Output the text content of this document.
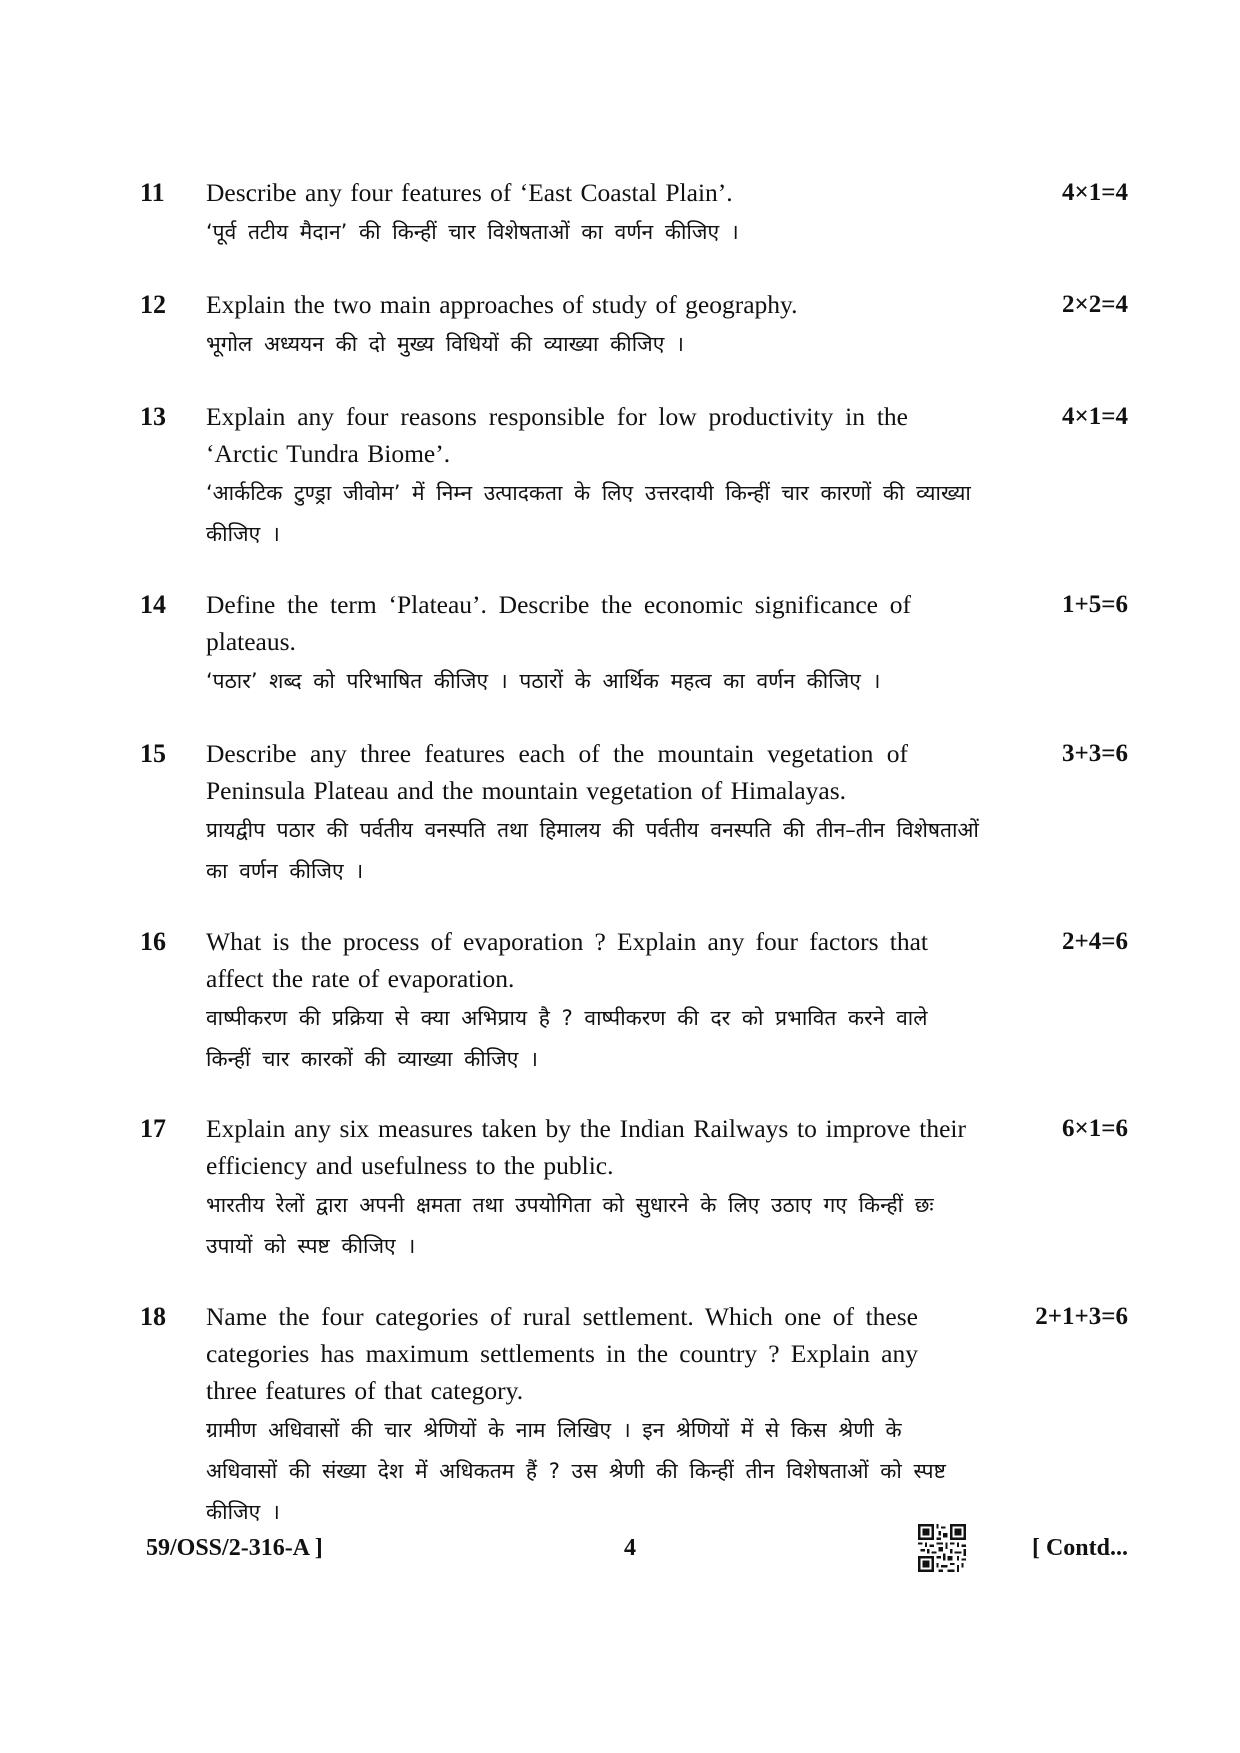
11	Describe any four features of ‘East Coastal Plain’.
‘पूर्व तटीय मैदान’ की किन्हीं चार विशेषताओं का वर्णन कीजिए ।
4×1=4
12	Explain the two main approaches of study of geography.
भूगोल अध्ययन की दो मुख्य विधियों की व्याख्या कीजिए ।
2×2=4
13	Explain any four reasons responsible for low productivity in the ‘Arctic Tundra Biome’.
‘आर्कटिक टुण्ड्रा जीवोम’ में निम्न उत्पादकता के लिए उत्तरदायी किन्हीं चार कारणों की व्याख्या कीजिए ।
4×1=4
14	Define the term ‘Plateau’. Describe the economic significance of plateaus.
‘पठार’ शब्द को परिभाषित कीजिए । पठारों के आर्थिक महत्व का वर्णन कीजिए ।
1+5=6
15	Describe any three features each of the mountain vegetation of Peninsula Plateau and the mountain vegetation of Himalayas.
प्रायद्वीप पठार की पर्वतीय वनस्पति तथा हिमालय की पर्वतीय वनस्पति की तीन–तीन विशेषताओं का वर्णन कीजिए ।
3+3=6
16	What is the process of evaporation ? Explain any four factors that affect the rate of evaporation.
वाष्पीकरण की प्रक्रिया से क्या अभिप्राय है ? वाष्पीकरण की दर को प्रभावित करने वाले किन्हीं चार कारकों की व्याख्या कीजिए ।
2+4=6
17	Explain any six measures taken by the Indian Railways to improve their efficiency and usefulness to the public.
भारतीय रेलों द्वारा अपनी क्षमता तथा उपयोगिता को सुधारने के लिए उठाए गए किन्हीं छः उपायों को स्पष्ट कीजिए ।
6×1=6
18	Name the four categories of rural settlement. Which one of these categories has maximum settlements in the country ? Explain any three features of that category.
ग्रामीण अधिवासों की चार श्रेणियों के नाम लिखिए । इन श्रेणियों में से किस श्रेणी के अधिवासों की संख्या देश में अधिकतम हैं ? उस श्रेणी की किन्हीं तीन विशेषताओं को स्पष्ट कीजिए ।
2+1+3=6
59/OSS/2-316-A ]	4	[ Contd...
